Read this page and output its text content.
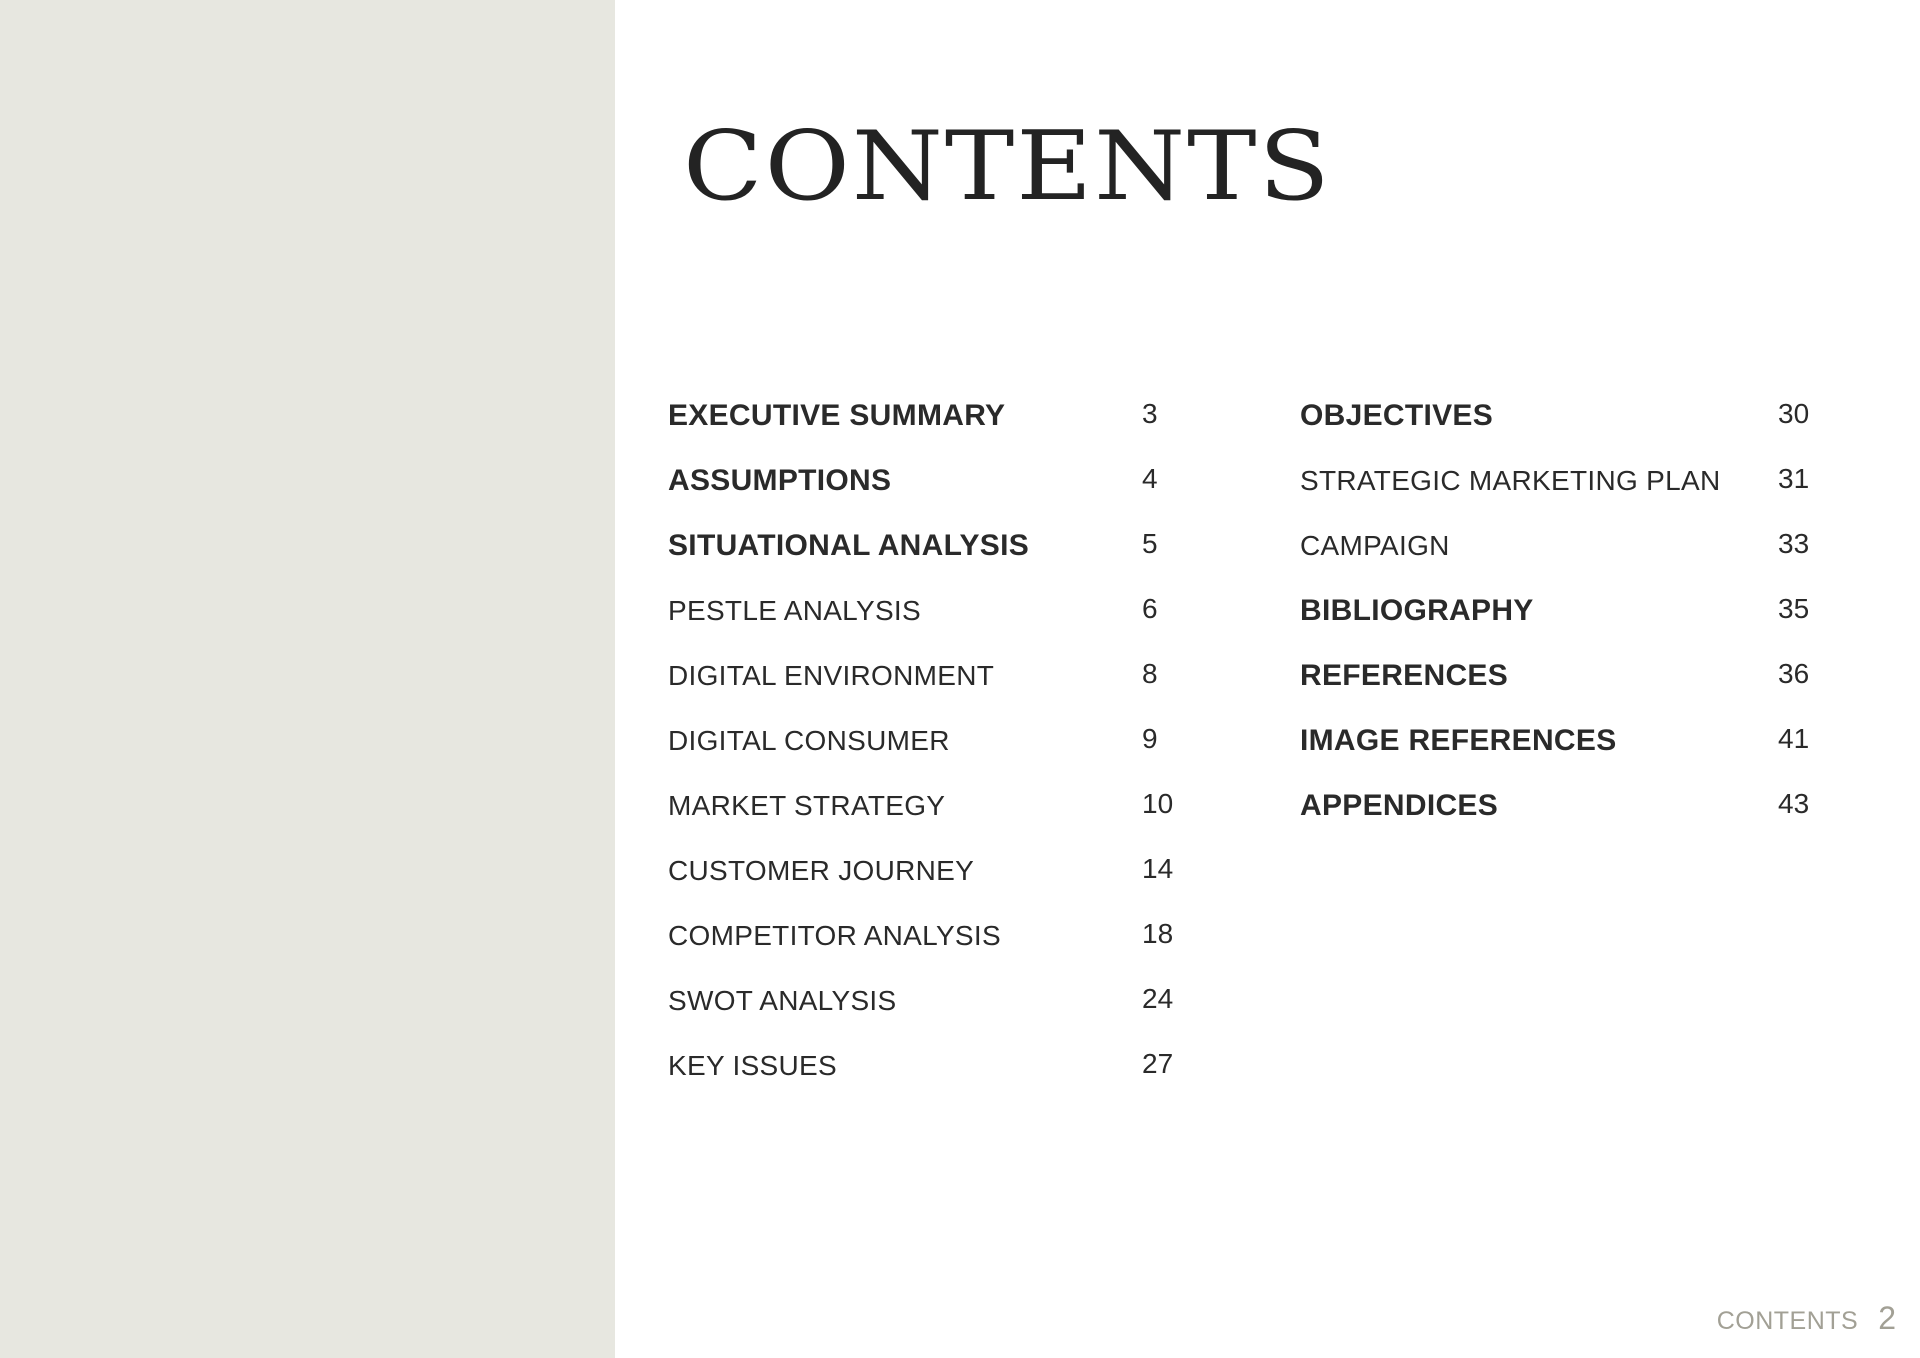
CONTENTS
EXECUTIVE SUMMARY	3
ASSUMPTIONS	4
SITUATIONAL ANALYSIS	5
PESTLE ANALYSIS	6
DIGITAL ENVIRONMENT	8
DIGITAL CONSUMER	9
MARKET STRATEGY	10
CUSTOMER JOURNEY	14
COMPETITOR ANALYSIS	18
SWOT ANALYSIS	24
KEY ISSUES	27
OBJECTIVES	30
STRATEGIC MARKETING PLAN 31
CAMPAIGN	33
BIBLIOGRAPHY	35
REFERENCES	36
IMAGE REFERENCES	41
APPENDICES	43
CONTENTS 2
